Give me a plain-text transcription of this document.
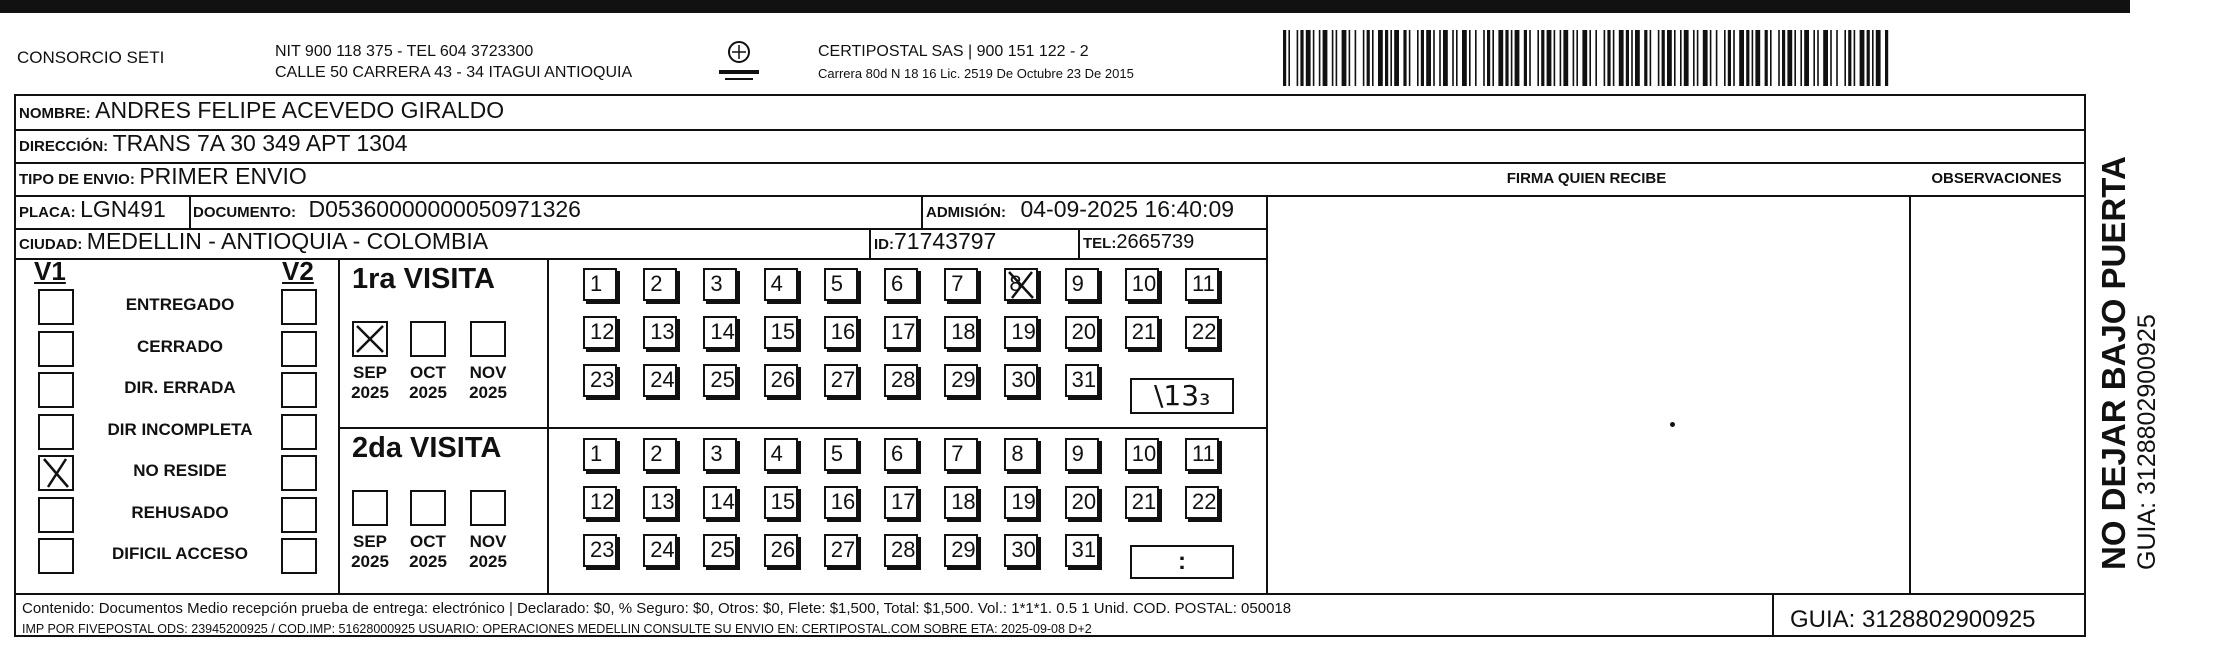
CONSORCIO SETI	NIT 900 118 375 - TEL 604 3723300
CALLE 50 CARRERA 43 - 34 ITAGUI ANTIOQUIA
CERTIPOSTAL SAS | 900 151 122 - 2
Carrera 80d N 18 16 Lic. 2519 De Octubre 23 De 2015
NOMBRE: ANDRES FELIPE ACEVEDO GIRALDO
DIRECCIÓN: TRANS 7A 30 349 APT 1304
TIPO DE ENVIO: PRIMER ENVIO
PLACA: LGN491 DOCUMENTO: D05360000000050971326	ADMISIÓN: 04-09-2025 16:40:09
CIUDAD: MEDELLIN - ANTIOQUIA - COLOMBIA	ID:71743797	TEL:2665739
FIRMA QUIEN RECIBE	OBSERVACIONES
V1	V2
ENTREGADO
CERRADO
DIR. ERRADA
DIR INCOMPLETA
NO RESIDE
REHUSADO
DIFICIL ACCESO
1ra VISITA
2da VISITA
SEP
2025
OCT
2025
NOV
2025
SEP
2025
OCT
2025
NOV
2025
1	2	3	4	5	6	7	8	9	10	11
12	13	14	15	16	17	18	19	20	21	22
23	24	25	26	27	28	29	30	31
1	2	3	4	5	6	7	8	9	10	11
12	13	14	15	16	17	18	19	20	21	22
23	24	25	26	27	28	29	30	31
\13₃
:
Contenido: Documentos Medio recepción prueba de entrega: electrónico | Declarado: $0, % Seguro: $0, Otros: $0, Flete: $1,500, Total: $1,500. Vol.: 1*1*1. 0.5 1 Unid. COD. POSTAL: 050018
IMP POR FIVEPOSTAL ODS: 23945200925 / COD.IMP: 51628000925 USUARIO: OPERACIONES MEDELLIN CONSULTE SU ENVIO EN: CERTIPOSTAL.COM SOBRE ETA: 2025-09-08 D+2	GUIA: 3128802900925
NO DEJAR BAJO PUERTA GUIA: 3128802900925
